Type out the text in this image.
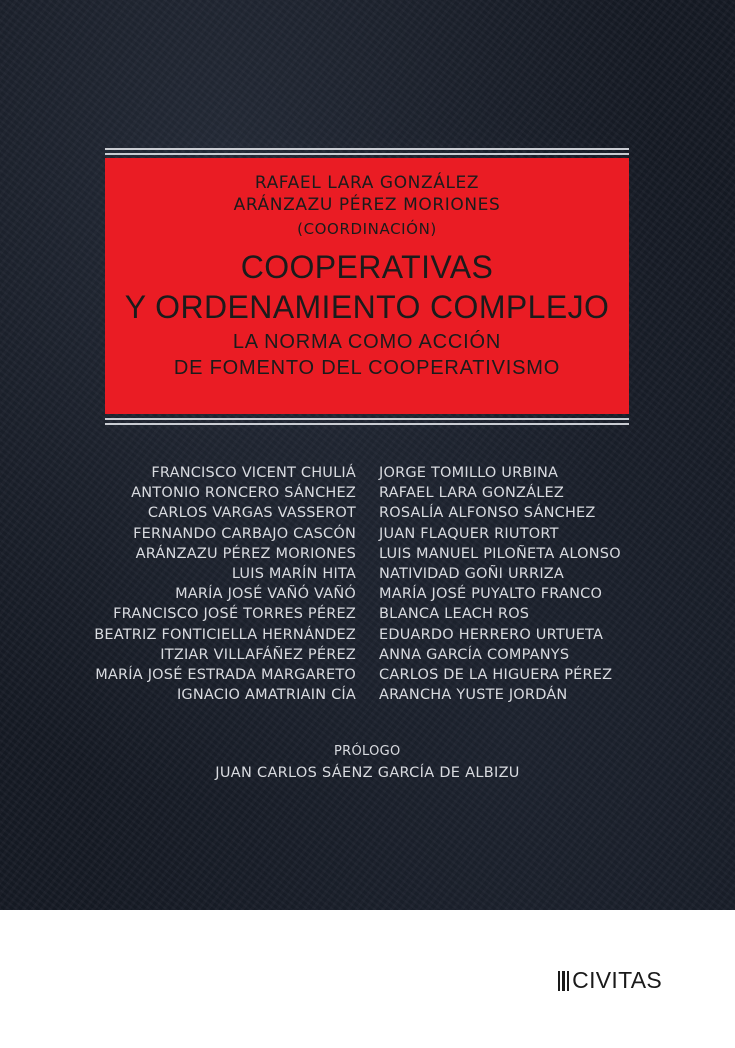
RAFAEL LARA GONZÁLEZ
ARÁNZAZU PÉREZ MORIONES
(COORDINACIÓN)
COOPERATIVAS
Y ORDENAMIENTO COMPLEJO
LA NORMA COMO ACCIÓN
DE FOMENTO DEL COOPERATIVISMO
FRANCISCO VICENT CHULIÁ
ANTONIO RONCERO SÁNCHEZ
CARLOS VARGAS VASSEROT
FERNANDO CARBAJO CASCÓN
ARÁNZAZU PÉREZ MORIONES
LUIS MARÍN HITA
MARÍA JOSÉ VAÑÓ VAÑÓ
FRANCISCO JOSÉ TORRES PÉREZ
BEATRIZ FONTICIELLA HERNÁNDEZ
ITZIAR VILLAFÁÑEZ PÉREZ
MARÍA JOSÉ ESTRADA MARGARETO
IGNACIO AMATRIAIN CÍA
JORGE TOMILLO URBINA
RAFAEL LARA GONZÁLEZ
ROSALÍA ALFONSO SÁNCHEZ
JUAN FLAQUER RIUTORT
LUIS MANUEL PILOÑETA ALONSO
NATIVIDAD GOÑI URRIZA
MARÍA JOSÉ PUYALTO FRANCO
BLANCA LEACH ROS
EDUARDO HERRERO URTUETA
ANNA GARCÍA COMPANYS
CARLOS DE LA HIGUERA PÉREZ
ARANCHA YUSTE JORDÁN
PRÓLOGO
JUAN CARLOS SÁENZ GARCÍA DE ALBIZU
CIVITAS
